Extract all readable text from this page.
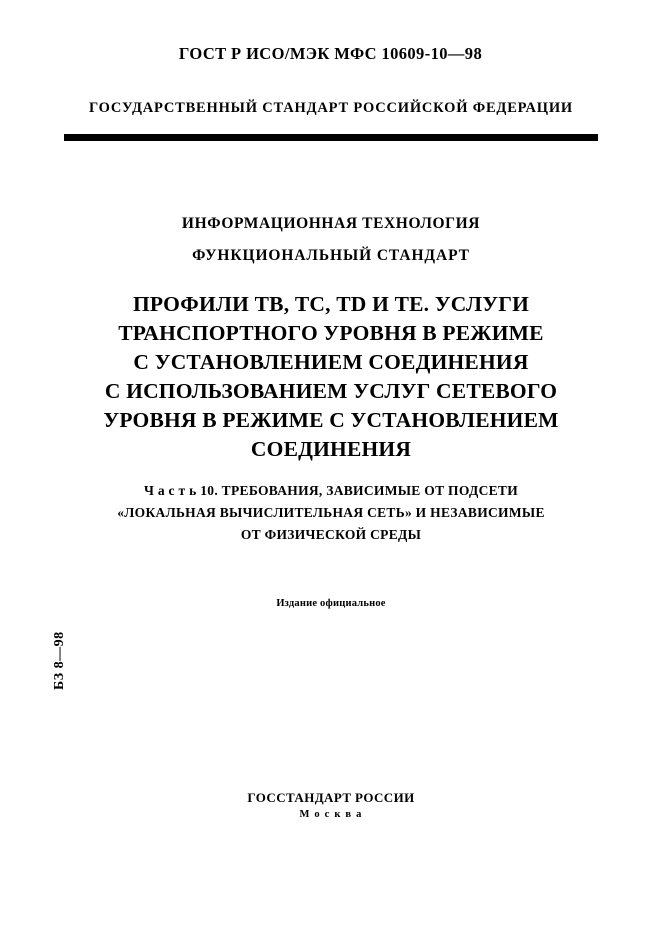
ГОСТ Р ИСО/МЭК МФС 10609-10—98
ГОСУДАРСТВЕННЫЙ СТАНДАРТ РОССИЙСКОЙ ФЕДЕРАЦИИ
ИНФОРМАЦИОННАЯ ТЕХНОЛОГИЯ
ФУНКЦИОНАЛЬНЫЙ СТАНДАРТ
ПРОФИЛИ ТВ, ТС, TD И ТЕ. УСЛУГИ
ТРАНСПОРТНОГО УРОВНЯ В РЕЖИМЕ
С УСТАНОВЛЕНИЕМ СОЕДИНЕНИЯ
С ИСПОЛЬЗОВАНИЕМ УСЛУГ СЕТЕВОГО
УРОВНЯ В РЕЖИМЕ С УСТАНОВЛЕНИЕМ
СОЕДИНЕНИЯ
Ч а с т ь 10. ТРЕБОВАНИЯ, ЗАВИСИМЫЕ ОТ ПОДСЕТИ
«ЛОКАЛЬНАЯ ВЫЧИСЛИТЕЛЬНАЯ СЕТЬ» И НЕЗАВИСИМЫЕ
ОТ ФИЗИЧЕСКОЙ СРЕДЫ
Издание официальное
БЗ 8—98
ГОССТАНДАРТ РОССИИ
М о с к в а
